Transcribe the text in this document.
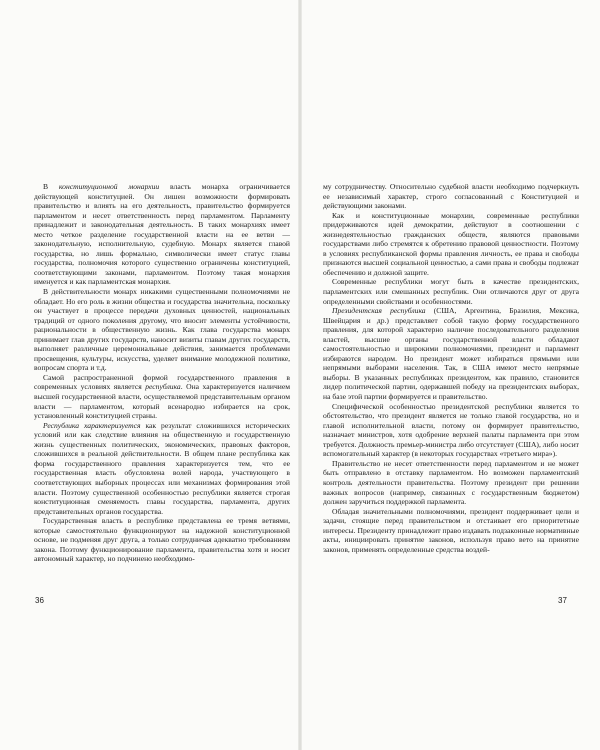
В конституционной монархии власть монарха ограничивается действующей конституцией. Он лишен возможности формировать правительство и влиять на его деятельность, правительство формируется парламентом и несет ответственность перед парламентом. Парламенту принадлежит и законодательная деятельность. В таких монархиях имеет место четкое разделение государственной власти на ее ветви — законодательную, исполнительную, судебную. Монарх является главой государства, но лишь формально, символически имеет статус главы государства, полномочия которого существенно ограничены конституцией, соответствующими законами, парламентом. Поэтому такая монархия именуется и как парламентская монархия.

В действительности монарх никакими существенными полномочиями не обладает. Но его роль в жизни общества и государства значительна, поскольку он участвует в процессе передачи духовных ценностей, национальных традиций от одного поколения другому, что вносит элементы устойчивости, рациональности в общественную жизнь. Как глава государства монарх принимает глав других государств, наносит визиты главам других государств, выполняет различные церемониальные действия, занимается проблемами просвещения, культуры, искусства, уделяет внимание молодежной политике, вопросам спорта и т.д.

Самой распространенной формой государственного правления в современных условиях является республика. Она характеризуется наличием высшей государственной власти, осуществляемой представительным органом власти — парламентом, который всенародно избирается на срок, установленный конституцией страны.

Республика характеризуется как результат сложившихся исторических условий или как следствие влияния на общественную и государственную жизнь существенных политических, экономических, правовых факторов, сложившихся в реальной действительности. В общем плане республика как форма государственного правления характеризуется тем, что ее государственная власть обусловлена волей народа, участвующего в соответствующих выборных процессах или механизмах формирования этой власти. Поэтому существенной особенностью республики является строгая конституционная сменяемость главы государства, парламента, других представительных органов государства.

Государственная власть в республике представлена ее тремя ветвями, которые самостоятельно функционируют на надежной конституционной основе, не подменяя друг друга, а только сотрудничая адекватно требованиям закона. Поэтому функционирование парламента, правительства хотя и носит автономный характер, но подчинено необходимо-

36

му сотрудничеству. Относительно судебной власти необходимо подчеркнуть ее независимый характер, строго согласованный с Конституцией и действующими законами.

Как и конституционные монархии, современные республики придерживаются идей демократии, действуют в соотношении с жизнедеятельностью гражданских обществ, являются правовыми государствами либо стремятся к обретению правовой ценностности. Поэтому в условиях республиканской формы правления личность, ее права и свободы признаются высшей социальной ценностью, а сами права и свободы подлежат обеспечению и должной защите.

Современные республики могут быть в качестве президентских, парламентских или смешанных республик. Они отличаются друг от друга определенными свойствами и особенностями.

Президентская республика (США, Аргентина, Бразилия, Мексика, Швейцария и др.) представляет собой такую форму государственного правления, для которой характерно наличие последовательного разделения властей, высшие органы государственной власти обладают самостоятельностью и широкими полномочиями, президент и парламент избираются народом. Но президент может избираться прямыми или непрямыми выборами населения. Так, в США имеют место непрямые выборы. В указанных республиках президентом, как правило, становится лидер политической партии, одержавшей победу на президентских выборах, на базе этой партии формируется и правительство.

Специфической особенностью президентской республики является то обстоятельство, что президент является не только главой государства, но и главой исполнительной власти, потому он формирует правительство, назначает министров, хотя одобрение верхней палаты парламента при этом требуется. Должность премьер-министра либо отсутствует (США), либо носит вспомогательный характер (в некоторых государствах «третьего мира»).

Правительство не несет ответственности перед парламентом и не может быть отправлено в отставку парламентом. Но возможен парламентский контроль деятельности правительства. Поэтому президент при решении важных вопросов (например, связанных с государственным бюджетом) должен заручиться поддержкой парламента.

Обладая значительными полномочиями, президент поддерживает цели и задачи, стоящие перед правительством и отстаивает его приоритетные интересы. Президенту принадлежит право издавать подзаконные нормативные акты, инициировать принятие законов, используя право вето на принятие законов, применять определенные средства воздей-

37
